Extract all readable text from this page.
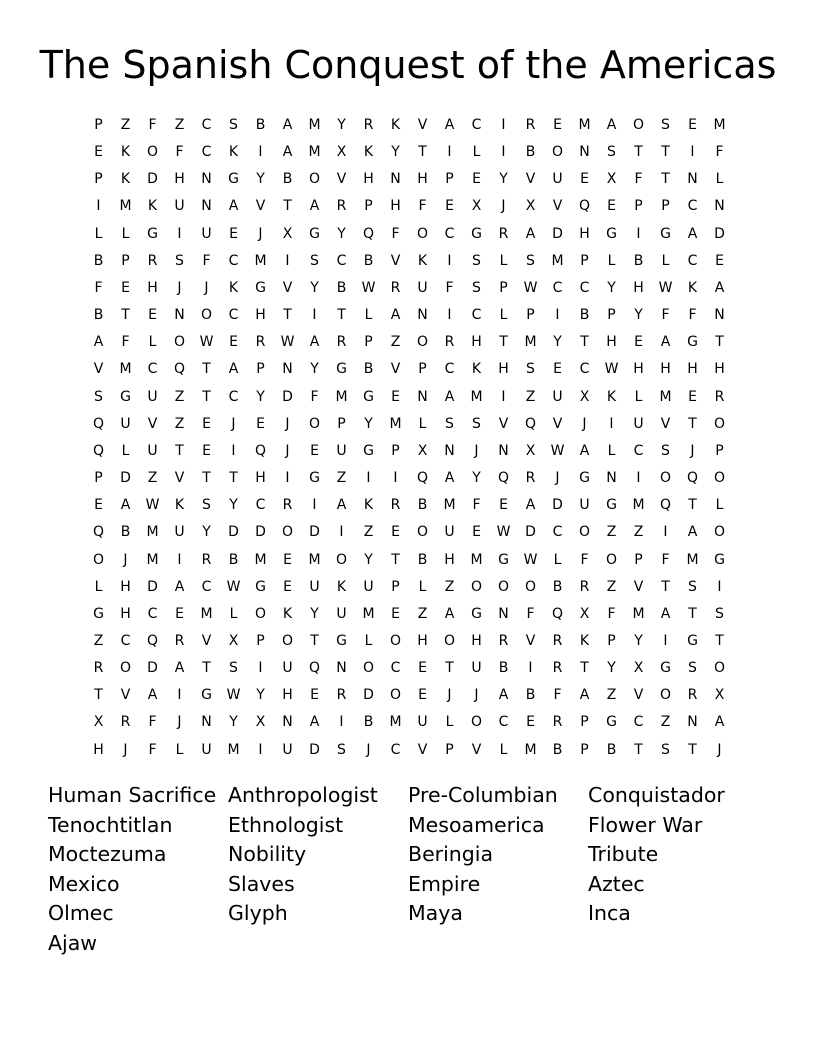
The Spanish Conquest of the Americas
P Z F Z C S B A M Y R K V A C I R E M A O S E M
E K O F C K I A M X K Y T I L I B O N S T T I F
P K D H N G Y B O V H N H P E Y V U E X F T N L
I M K U N A V T A R P H F E X J X V Q E P P C N
L L G I U E J X G Y Q F O C G R A D H G I G A D
B P R S F C M I S C B V K I S L S M P L B L C E
F E H J J K G V Y B W R U F S P W C C Y H W K A
B T E N O C H T I T L A N I C L P I B P Y F F N
A F L O W E R W A R P Z O R H T M Y T H E A G T
V M C Q T A P N Y G B V P C K H S E C W H H H H
S G U Z T C Y D F M G E N A M I Z U X K L M E R
Q U V Z E J E J O P Y M L S S V Q V J I U V T O
Q L U T E I Q J E U G P X N J N X W A L C S J P
P D Z V T T H I G Z I I Q A Y Q R J G N I O Q O
E A W K S Y C R I A K R B M F E A D U G M Q T L
Q B M U Y D D O D I Z E O U E W D C O Z Z I A O
O J M I R B M E M O Y T B H M G W L F O P F M G
L H D A C W G E U K U P L Z O O O B R Z V T S I
G H C E M L O K Y U M E Z A G N F Q X F M A T S
Z C Q R V X P O T G L O H O H R V R K P Y I G T
R O D A T S I U Q N O C E T U B I R T Y X G S O
T V A I G W Y H E R D O E J J A B F A Z V O R X
X R F J N Y X N A I B M U L O C E R P G C Z N A
H J F L U M I U D S J C V P V L M B P B T S T J
Human Sacrifice
Tenochtitlan
Moctezuma
Mexico
Olmec
Ajaw
Anthropologist
Ethnologist
Nobility
Slaves
Glyph
Pre-Columbian
Mesoamerica
Beringia
Empire
Maya
Conquistador
Flower War
Tribute
Aztec
Inca
